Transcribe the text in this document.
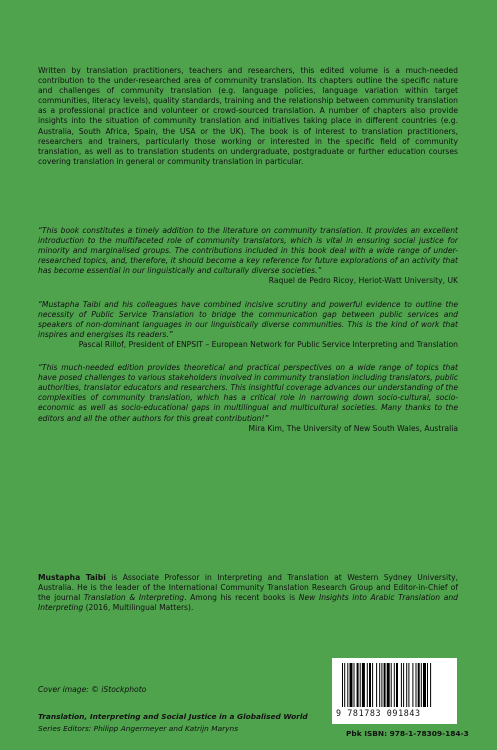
Written by translation practitioners, teachers and researchers, this edited volume is a much-needed contribution to the under-researched area of community translation. Its chapters outline the specific nature and challenges of community translation (e.g. language policies, language variation within target communities, literacy levels), quality standards, training and the relationship between community translation as a professional practice and volunteer or crowd-sourced translation. A number of chapters also provide insights into the situation of community translation and initiatives taking place in different countries (e.g. Australia, South Africa, Spain, the USA or the UK). The book is of interest to translation practitioners, researchers and trainers, particularly those working or interested in the specific field of community translation, as well as to translation students on undergraduate, postgraduate or further education courses covering translation in general or community translation in particular.
“This book constitutes a timely addition to the literature on community translation. It provides an excellent introduction to the multifaceted role of community translators, which is vital in ensuring social justice for minority and marginalised groups. The contributions included in this book deal with a wide range of under-researched topics, and, therefore, it should become a key reference for future explorations of an activity that has become essential in our linguistically and culturally diverse societies.”
Raquel de Pedro Ricoy, Heriot-Watt University, UK
“Mustapha Taibi and his colleagues have combined incisive scrutiny and powerful evidence to outline the necessity of Public Service Translation to bridge the communication gap between public services and speakers of non-dominant languages in our linguistically diverse communities. This is the kind of work that inspires and energises its readers.”
Pascal Rillof, President of ENPSIT – European Network for Public Service Interpreting and Translation
“This much-needed edition provides theoretical and practical perspectives on a wide range of topics that have posed challenges to various stakeholders involved in community translation including translators, public authorities, translator educators and researchers. This insightful coverage advances our understanding of the complexities of community translation, which has a critical role in narrowing down socio-cultural, socio-economic as well as socio-educational gaps in multilingual and multicultural societies. Many thanks to the editors and all the other authors for this great contribution!”
Mira Kim, The University of New South Wales, Australia
Mustapha Taibi is Associate Professor in Interpreting and Translation at Western Sydney University, Australia. He is the leader of the International Community Translation Research Group and Editor-in-Chief of the journal Translation & Interpreting. Among his recent books is New Insights into Arabic Translation and Interpreting (2016, Multilingual Matters).
Cover image: © iStockphoto
Translation, Interpreting and Social Justice in a Globalised World
Series Editors: Philipp Angermeyer and Katrijn Maryns
9 781783 091843
Pbk ISBN: 978-1-78309-184-3
